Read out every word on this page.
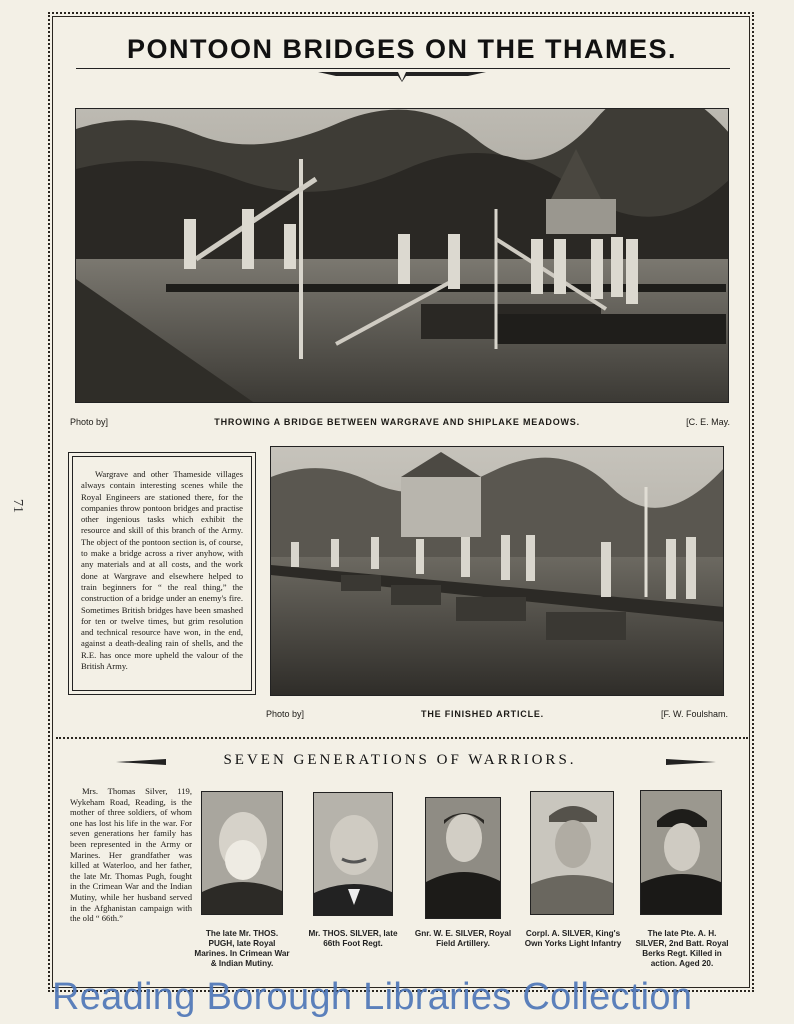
71
PONTOON BRIDGES ON THE THAMES.
Photo by]	THROWING A BRIDGE BETWEEN WARGRAVE AND SHIPLAKE MEADOWS.	[C. E. May.
Wargrave and other Thameside villages always contain interesting scenes while the Royal Engineers are stationed there, for the companies throw pontoon bridges and practise other ingenious tasks which exhibit the resource and skill of this branch of the Army. The object of the pontoon section is, of course, to make a bridge across a river anyhow, with any materials and at all costs, and the work done at Wargrave and elsewhere helped to train beginners for “ the real thing,” the construction of a bridge under an enemy's fire. Sometimes British bridges have been smashed for ten or twelve times, but grim resolution and technical resource have won, in the end, against a death-dealing rain of shells, and the R.E. has once more upheld the valour of the British Army.
Photo by]	THE FINISHED ARTICLE.	[F. W. Foulsham.
SEVEN GENERATIONS OF WARRIORS.
Mrs. Thomas Silver, 119, Wykeham Road, Reading, is the mother of three soldiers, of whom one has lost his life in the war. For seven generations her family has been represented in the Army or Marines. Her grandfather was killed at Waterloo, and her father, the late Mr. Thomas Pugh, fought in the Crimean War and the Indian Mutiny, while her husband served in the Afghanistan campaign with the old “ 66th.”
The late Mr. THOS. PUGH, late Royal Marines. In Crimean War & Indian Mutiny.
Mr. THOS. SILVER, late 66th Foot Regt.
Gnr. W. E. SILVER, Royal Field Artillery.
Corpl. A. SILVER, King's Own Yorks Light Infantry
The late Pte. A. H. SILVER, 2nd Batt. Royal Berks Regt. Killed in action. Aged 20.
Reading Borough Libraries Collection
